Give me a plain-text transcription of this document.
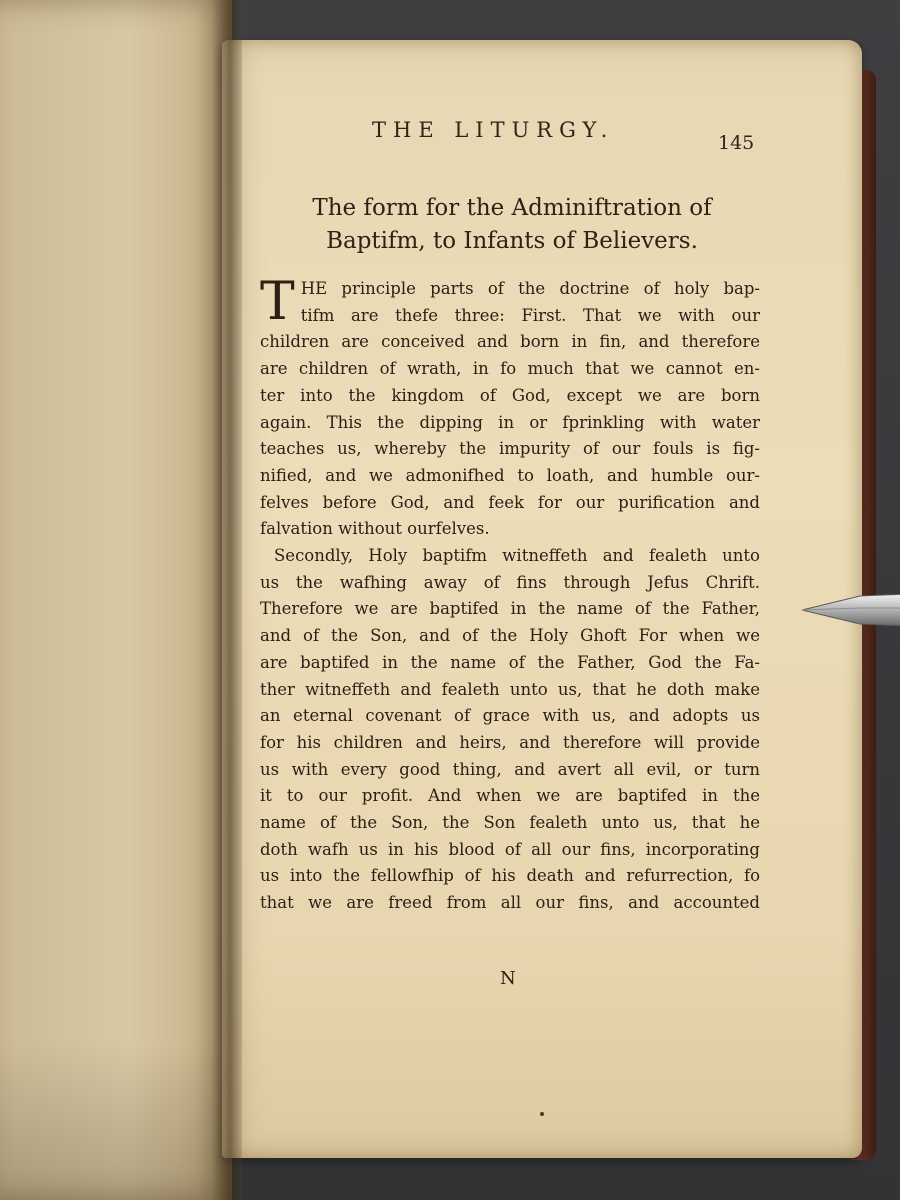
THE LITURGY.
145
The form for the Adminiftration of
Baptifm, to Infants of Believers.
T HE principle parts of the doctrine of holy bap-
tifm are thefe three: First. That we with our
children are conceived and born in fin, and therefore
are children of wrath, in fo much that we cannot en-
ter into the kingdom of God, except we are born
again. This the dipping in or fprinkling with water
teaches us, whereby the impurity of our fouls is fig-
nified, and we admonifhed to loath, and humble our-
felves before God, and feek for our purification and
falvation without ourfelves.
Secondly, Holy baptifm witneffeth and fealeth unto
us the wafhing away of fins through Jefus Chrift.
Therefore we are baptifed in the name of the Father,
and of the Son, and of the Holy Ghoft For when we
are baptifed in the name of the Father, God the Fa-
ther witneffeth and fealeth unto us, that he doth make
an eternal covenant of grace with us, and adopts us
for his children and heirs, and therefore will provide
us with every good thing, and avert all evil, or turn
it to our profit. And when we are baptifed in the
name of the Son, the Son fealeth unto us, that he
doth wafh us in his blood of all our fins, incorporating
us into the fellowfhip of his death and refurrection, fo
that we are freed from all our fins, and accounted
N
